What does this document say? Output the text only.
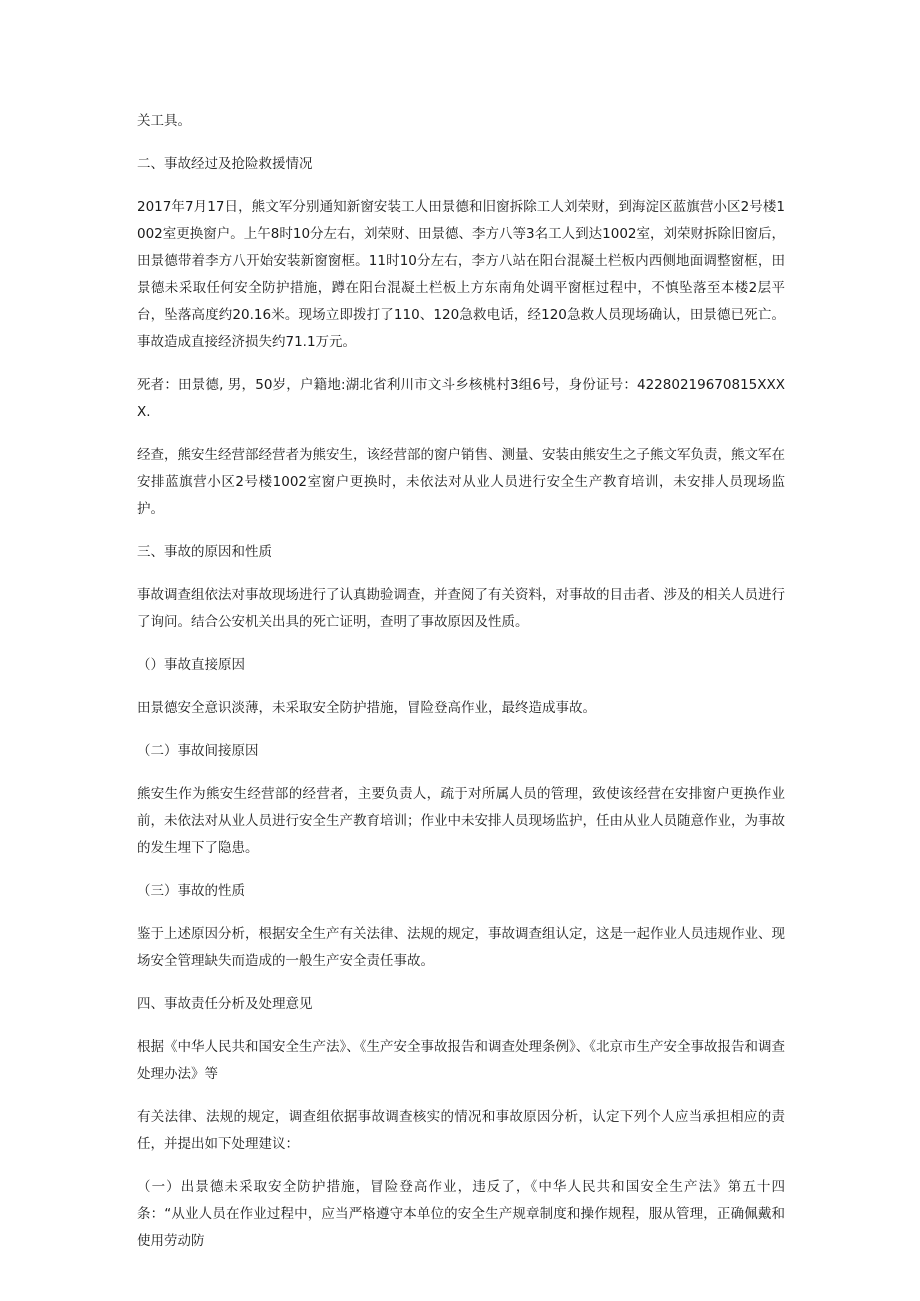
关工具。

二、事故经过及抢险救援情况

2017年7月17日，熊文军分别通知新窗安装工人田景德和旧窗拆除工人刘荣财，到海淀区蓝旗营小区2号楼1002室更换窗户。上午8时10分左右，刘荣财、田景德、李方八等3名工人到达1002室，刘荣财拆除旧窗后，田景德带着李方八开始安装新窗窗框。11时10分左右，李方八站在阳台混凝土栏板内西侧地面调整窗框，田景德未采取任何安全防护措施，蹲在阳台混凝土栏板上方东南角处调平窗框过程中，不慎坠落至本楼2层平台，坠落高度约20.16米。现场立即拨打了110、120急救电话，经120急救人员现场确认，田景德已死亡。事故造成直接经济损失约71.1万元。

死者：田景德, 男，50岁，户籍地:湖北省利川市文斗乡核桃村3组6号，身份证号：42280219670815XXXX.

经查，熊安生经营部经营者为熊安生，该经营部的窗户销售、测量、安装由熊安生之子熊文军负责，熊文军在安排蓝旗营小区2号楼1002室窗户更换时，未依法对从业人员进行安全生产教育培训，未安排人员现场监护。

三、事故的原因和性质

事故调查组依法对事故现场进行了认真勘验调查，并查阅了有关资料，对事故的目击者、涉及的相关人员进行了询问。结合公安机关出具的死亡证明，查明了事故原因及性质。

（）事故直接原因

田景德安全意识淡薄，未采取安全防护措施，冒险登高作业，最终造成事故。

（二）事故间接原因

熊安生作为熊安生经营部的经营者，主要负责人，疏于对所属人员的管理，致使该经营在安排窗户更换作业前，未依法对从业人员进行安全生产教育培训；作业中未安排人员现场监护，任由从业人员随意作业，为事故的发生埋下了隐患。

（三）事故的性质

鉴于上述原因分析，根据安全生产有关法律、法规的规定，事故调查组认定，这是一起作业人员违规作业、现场安全管理缺失而造成的一般生产安全责任事故。

四、事故责任分析及处理意见

根据《中华人民共和国安全生产法》、《生产安全事故报告和调查处理条例》、《北京市生产安全事故报告和调查处理办法》等

有关法律、法规的规定，调查组依据事故调查核实的情况和事故原因分析，认定下列个人应当承担相应的责任，并提出如下处理建议：

（一）出景德未采取安全防护措施，冒险登高作业，违反了，《中华人民共和国安全生产法》第五十四条：“从业人员在作业过程中，应当严格遵守本单位的安全生产规章制度和操作规程，服从管理，正确佩戴和使用劳动防
